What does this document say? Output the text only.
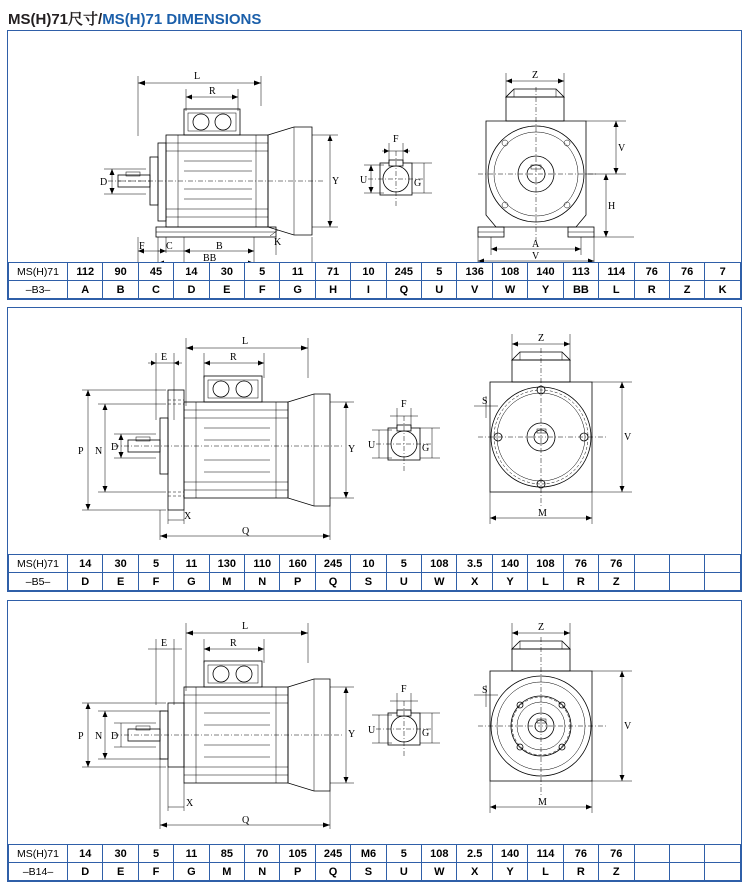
MS(H)71尺寸/MS(H)71 DIMENSIONS
L
R
D
F C	B	K
BB
Y
F
U	G
Z
V
H
A
V
MS(H)71	112	90	45	14	30	5	11	71	10	245	5	136	108	140	113	114	76	76	7
–B3–	A	B	C	D	E	F	G	H	I	Q	U	V	W	Y	BB	L	R	Z	K
L
E	R
P N D
X
Q
Y
F
U	G
Z
S
V
M
MS(H)71	14	30	5	11	130	110	160	245	10	5	108	3.5	140	108	76	76			
–B5–	D	E	F	G	M	N	P	Q	S	U	W	X	Y	L	R	Z			
L
E	R
P N D
X
Q
Y
F
U	G
Z
S
V
M
MS(H)71	14	30	5	11	85	70	105	245	M6	5	108	2.5	140	114	76	76			
–B14–	D	E	F	G	M	N	P	Q	S	U	W	X	Y	L	R	Z			
